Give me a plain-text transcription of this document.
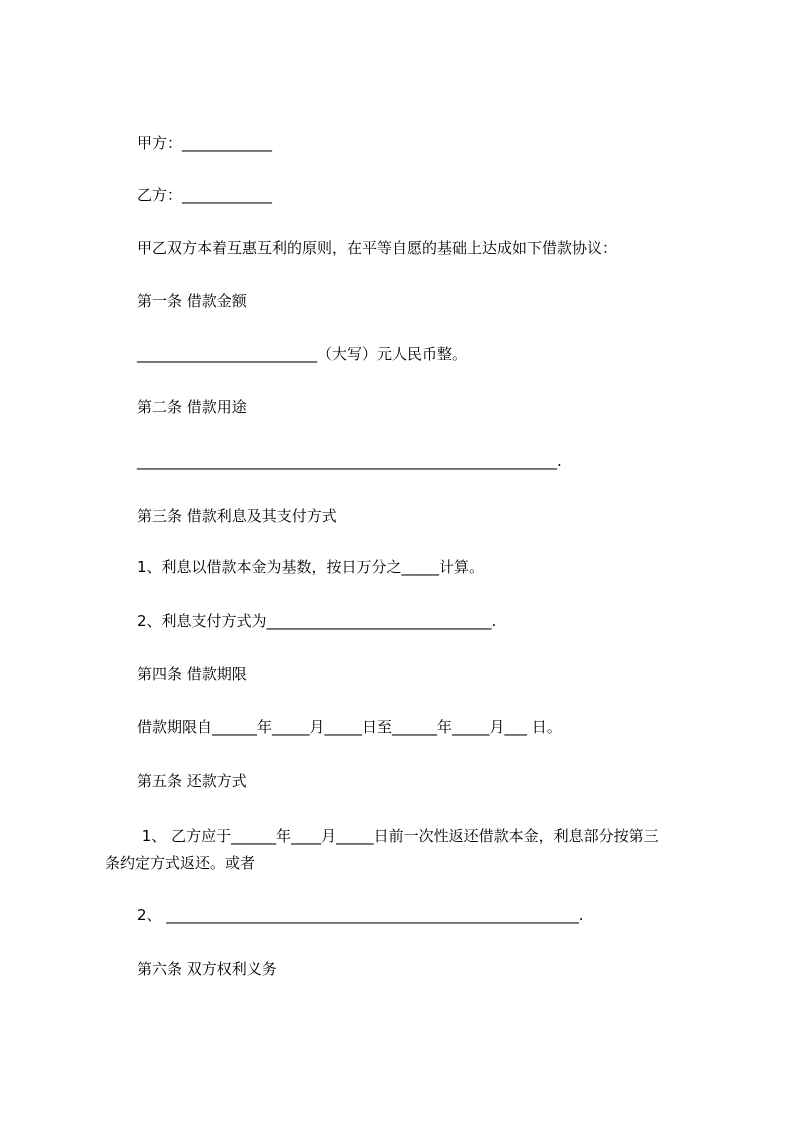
甲方：____________
乙方：____________
甲乙双方本着互惠互利的原则，在平等自愿的基础上达成如下借款协议：
第一条 借款金额
________________________（大写）元人民币整。
第二条 借款用途
________________________________________________________.
第三条 借款利息及其支付方式
1、利息以借款本金为基数，按日万分之_____计算。
2、利息支付方式为______________________________.
第四条 借款期限
借款期限自______年_____月_____日至______年_____月___ 日。
第五条 还款方式
1、 乙方应于______年____月_____日前一次性返还借款本金，利息部分按第三
条约定方式返还。或者
2、 _______________________________________________________.
第六条 双方权利义务
